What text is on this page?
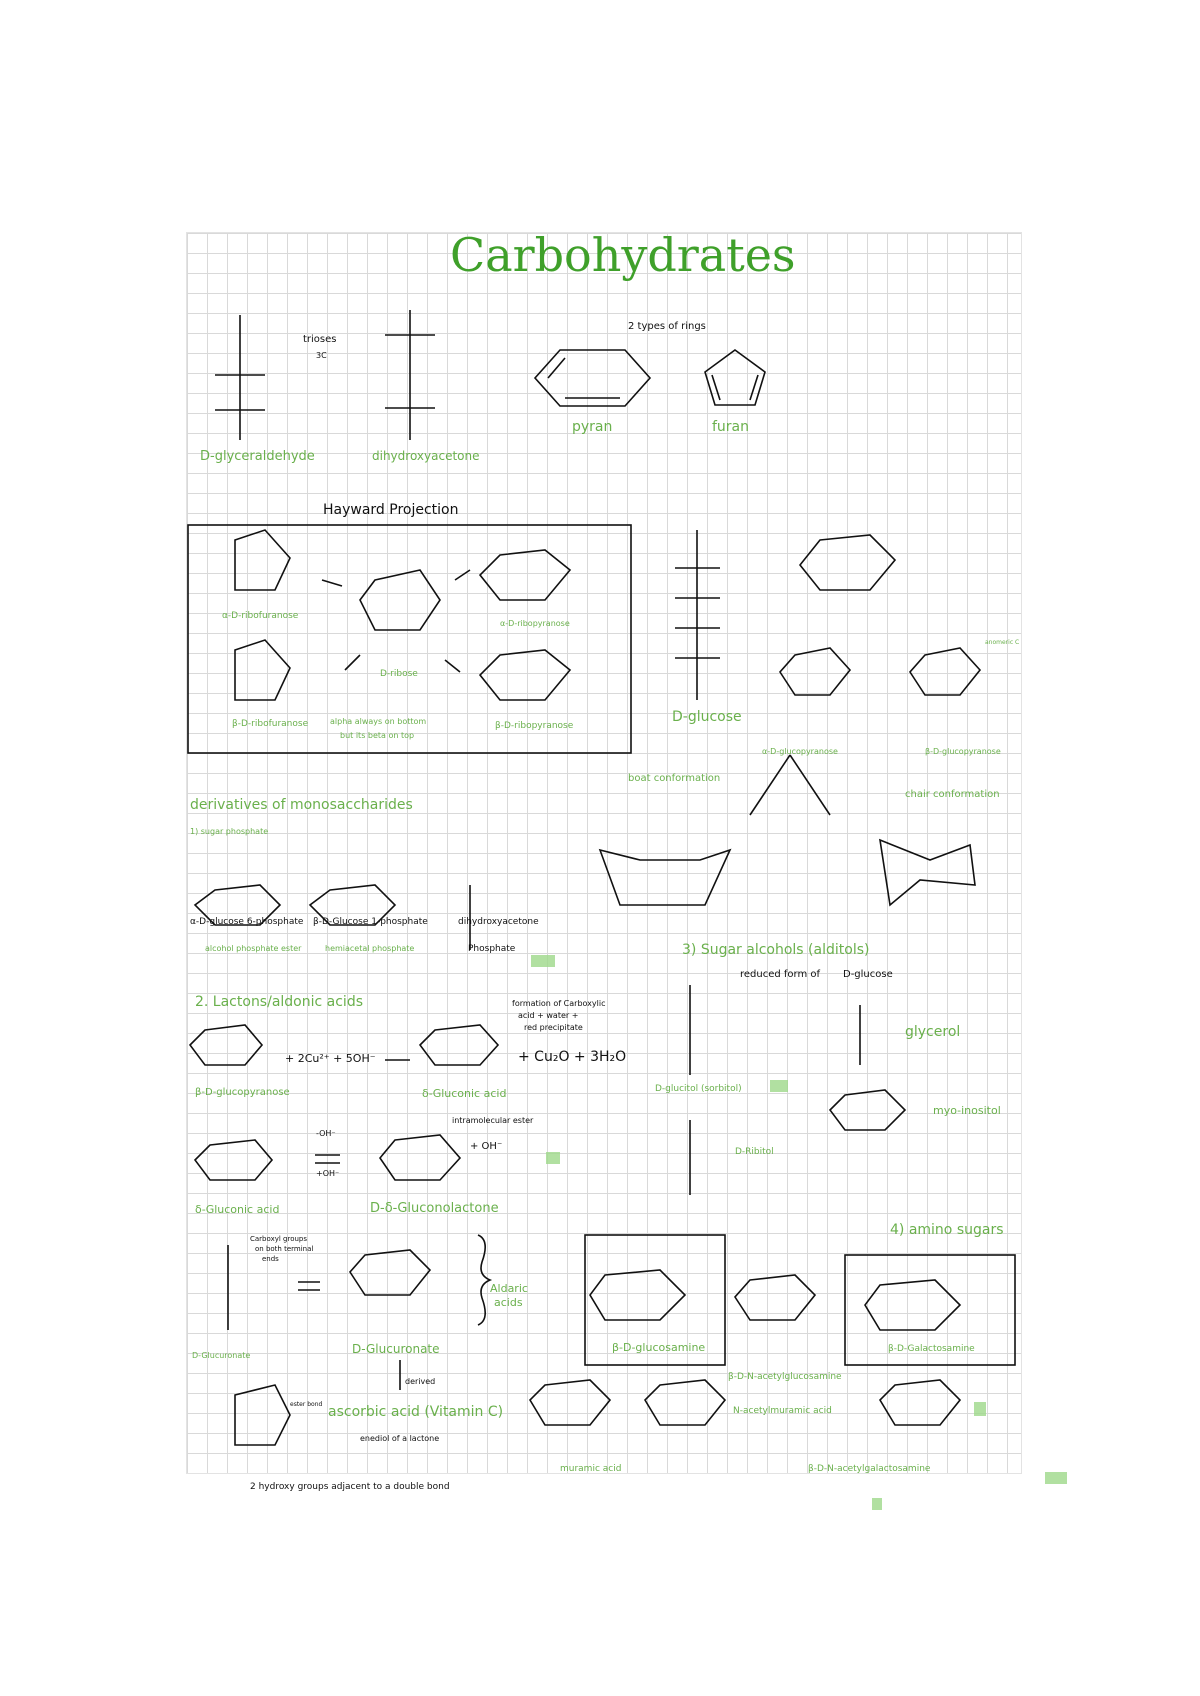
Carbohydrates
trioses
3C
D-glyceraldehyde	dihydroxyacetone
2 types of rings
pyran	furan
Hayward Projection
α-D-ribofuranose
β-D-ribofuranose
D-ribose
α-D-ribopyranose
β-D-ribopyranose
alpha always on bottom
but its beta on top
D-glucose
α-D-glucopyranose	β-D-glucopyranose
anomeric C
boat conformation
chair conformation
derivatives of monosaccharides
1) sugar phosphate
α-D-glucose 6-phosphate
alcohol phosphate ester
β-D-Glucose 1-phosphate
hemiacetal phosphate
dihydroxyacetone
Phosphate
2. Lactons/aldonic acids	formation of Carboxylic
acid + water +
red precipitate
+ 2Cu²⁺ + 5OH⁻	+ Cu₂O + 3H₂O
β-D-glucopyranose	δ-Gluconic acid
intramolecular ester
+ OH⁻
-OH⁻
+OH⁻
δ-Gluconic acid	D-δ-Gluconolactone
Carboxyl groups
on both terminal
ends
D-Glucuronate	D-Glucuronate
Aldaric
acids
ascorbic acid (Vitamin C)
derived
enediol of a lactone
ester bond
2 hydroxy groups adjacent to a double bond
3) Sugar alcohols (alditols)
reduced form of D-glucose
D-glucitol (sorbitol)
glycerol
myo-inositol
D-Ribitol
4) amino sugars
β-D-glucosamine	β-D-Galactosamine
β-D-N-acetylglucosamine
N-acetylmuramic acid
muramic acid	β-D-N-acetylgalactosamine
